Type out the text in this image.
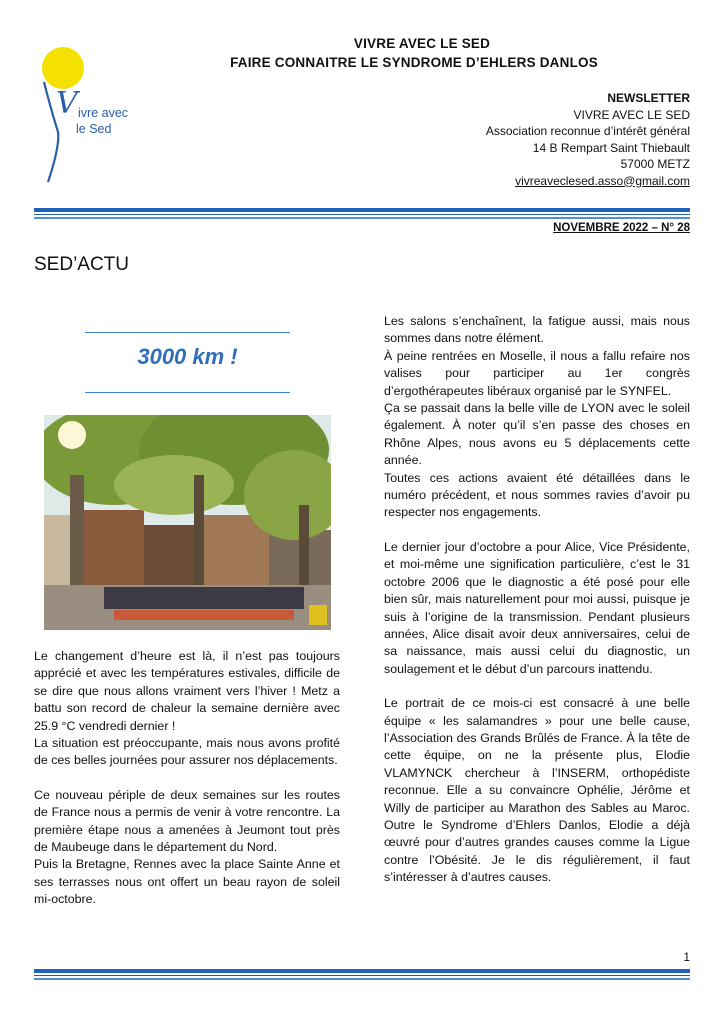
V ivre avec
le Sed
VIVRE AVEC LE SED
FAIRE CONNAITRE LE SYNDROME D’EHLERS DANLOS
NEWSLETTER
VIVRE AVEC LE SED
Association reconnue d’intérêt général
14 B Rempart Saint Thiebault
57000 METZ
vivreaveclesed.asso@gmail.com
NOVEMBRE 2022 – N° 28
SED’ACTU
3000 km !

Le changement d’heure est là, il n’est pas toujours apprécié et avec les températures estivales, difficile de se dire que nous allons vraiment vers l’hiver ! Metz a battu son record de chaleur la semaine dernière avec 25.9 °C vendredi dernier !

La situation est préoccupante, mais nous avons profité de ces belles journées pour assurer nos déplacements.

Ce nouveau périple de deux semaines sur les routes de France nous a permis de venir à votre rencontre. La première étape nous a amenées à Jeumont tout près de Maubeuge dans le département du Nord.

Puis la Bretagne, Rennes avec la place Sainte Anne et ses terrasses nous ont offert un beau rayon de soleil mi-octobre.

Les salons s’enchaînent, la fatigue aussi, mais nous sommes dans notre élément.

À peine rentrées en Moselle, il nous a fallu refaire nos valises pour participer au 1er congrès d’ergothérapeutes libéraux organisé par le SYNFEL.

Ça se passait dans la belle ville de LYON avec le soleil également. À noter qu’il s’en passe des choses en Rhône Alpes, nous avons eu 5 déplacements cette année.

Toutes ces actions avaient été détaillées dans le numéro précédent, et nous sommes ravies d’avoir pu respecter nos engagements.

Le dernier jour d’octobre a pour Alice, Vice Présidente, et moi-même une signification particulière, c’est le 31 octobre 2006 que le diagnostic a été posé pour elle bien sûr, mais naturellement pour moi aussi, puisque je suis à l’origine de la transmission. Pendant plusieurs années, Alice disait avoir deux anniversaires, celui de sa naissance, mais aussi celui du diagnostic, un soulagement et le début d’un parcours inattendu.

Le portrait de ce mois-ci est consacré à une belle équipe « les salamandres » pour une belle cause, l’Association des Grands Brûlés de France. À la tête de cette équipe, on ne la présente plus, Elodie VLAMYNCK chercheur à l’INSERM, orthopédiste reconnue. Elle a su convaincre Ophélie, Jérôme et Willy de participer au Marathon des Sables au Maroc. Outre le Syndrome d’Ehlers Danlos, Elodie a déjà œuvré pour d’autres grandes causes comme la Ligue contre l’Obésité. Je le dis régulièrement, il faut s’intéresser à d’autres causes.

1
